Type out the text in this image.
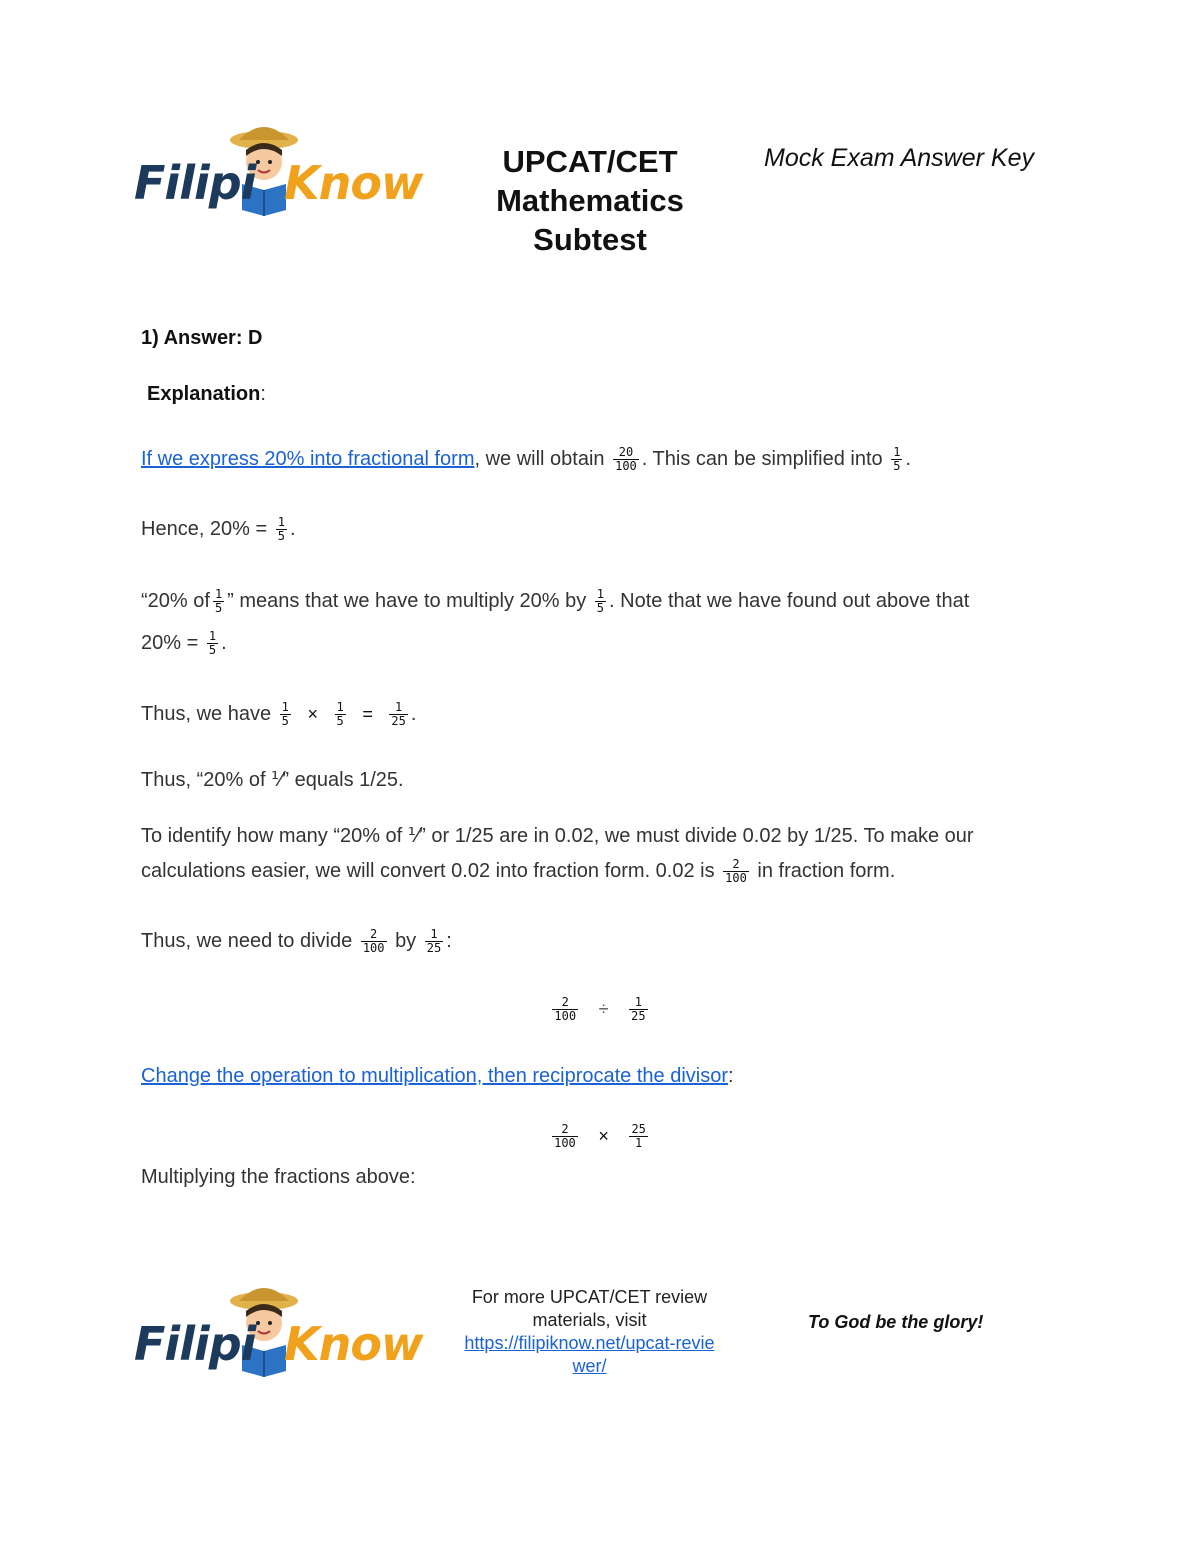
Filipi Know	UPCAT/CET
Mathematics
Subtest
Mock Exam Answer Key
1) Answer: D
Explanation:
If we express 20% into fractional form, we will obtain $\frac{20}{100}$ . This can be simplified into $\frac{1}{5}$ .
Hence, $20\% = \frac{1}{5}$ .
“20% of $\frac{1}{5}$ ” means that we have to multiply 20% by $\frac{1}{5}$ . Note that we have found out above that
$20\% = \frac{1}{5}$ .
Thus, we have $\frac{1}{5} \times \frac{1}{5} = \frac{1}{25}$ .
Thus, “20% of ⅟” equals 1/25.
To identify how many “20% of ⅟” or 1/25 are in 0.02, we must divide 0.02 by 1/25. To make our
calculations easier, we will convert 0.02 into fraction form. 0.02 is $\frac{2}{100}$ in fraction form.
Thus, we need to divide $\frac{2}{100}$ by $\frac{1}{25}$ :
$\frac{2}{100} \div \frac{1}{25}$
Change the operation to multiplication, then reciprocate the divisor:
$\frac{2}{100} \times \frac{25}{1}$
Multiplying the fractions above:
Filipi Know
For more UPCAT/CET review
materials, visit
https://filipiknow.net/upcat-revie
wer/
To God be the glory!
